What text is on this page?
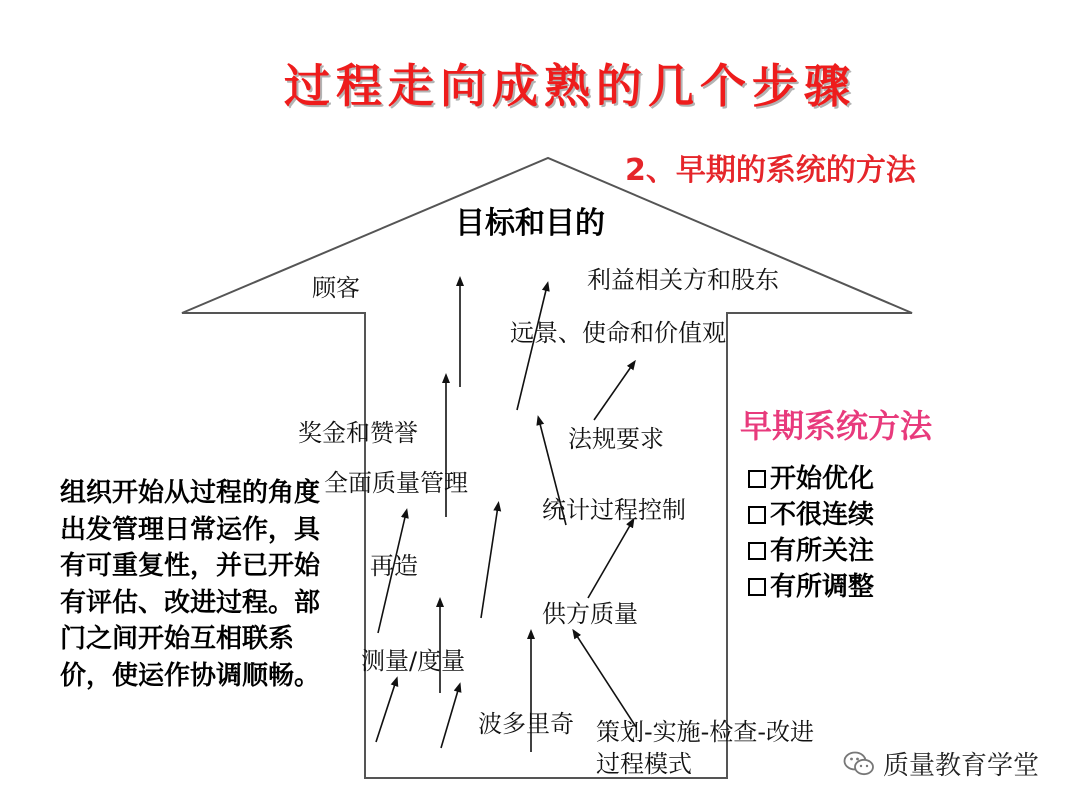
过程走向成熟的几个步骤
2、早期的系统的方法
目标和目的
顾客	利益相关方和股东
远景、使命和价值观
法规要求
奖金和赞誉
全面质量管理
统计过程控制
再造
供方质量
测量/度量
波多里奇 策划-实施-检查-改进
过程模式
早期系统方法
开始优化
不很连续
有所关注
有所调整
组织开始从过程的角度出发管理日常运作，具有可重复性，并已开始有评估、改进过程。部门之间开始互相联系价，使运作协调顺畅。
质量教育学堂
